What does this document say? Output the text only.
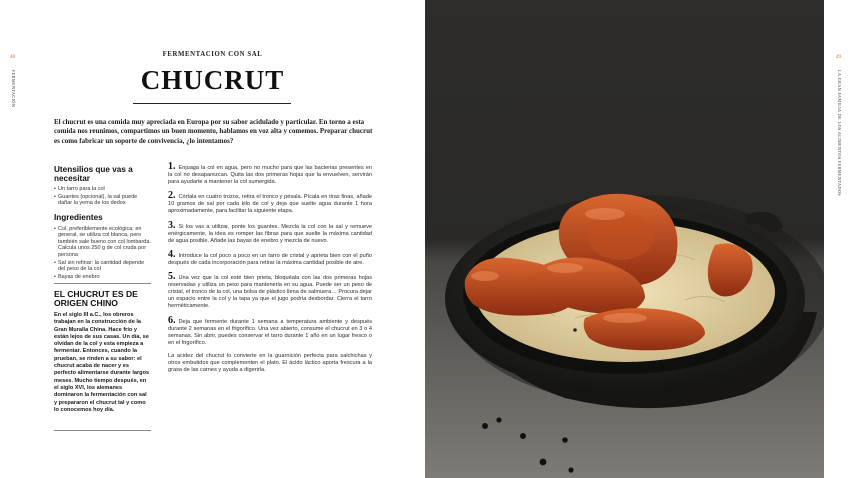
48
FERMENTACIÓN
FERMENTACION CON SAL
CHUCRUT
El chucrut es una comida muy apreciada en Europa por su sabor acidulado y particular. En torno a esta comida nos reunimos, compartimos un buen momento, hablamos en voz alta y comemos. Preparar chucrut es como fabricar un soporte de convivencia, ¿lo intentamos?
Utensilios que vas a necesitar
• Un tarro para la col
• Guantes (opcional), la sal puede dañar la yema de los dedos
Ingredientes
• Col, preferiblemente ecológica; en general, se utiliza col blanca, pero también sale bueno con col lombarda. Calcula unos 250 g de col cruda por persona
• Sal sin refinar: la cantidad depende del peso de la col
• Bayas de enebro
EL CHUCRUT ES DE ORIGEN CHINO
En el siglo III a.C., los obreros trabajan en la construcción de la Gran Muralla China. Hace frío y están lejos de sus casas. Un día, se olvidan de la col y esta empieza a fermentar. Entonces, cuando la prueban, se rinden a su sabor: el chucrut acaba de nacer y es perfecto alimentarse durante largos meses. Mucho tiempo después, en el siglo XVI, los alemanes dominaron la fermentación con sal y prepararon el chucrut tal y como lo conocemos hoy día.

1. Enjuaga la col en agua, pero no mucho para que las bacterias presentes en la col no desaparezcan. Quita las dos primeras hojas que la envuelven, servirán para ayudarte a mantener la col sumergida.

2. Córtala en cuatro trozos, retira el tronco y pésala. Pícala en tiras finas, añade 10 gramos de sal por cada kilo de col y deja que suelte agua durante 1 hora aproximadamente, para facilitar la siguiente etapa.

3. Si los vas a utilizar, ponte los guantes. Mezcla la col con la sal y remueve enérgicamente, la idea es romper las fibras para que suelte la máxima cantidad de agua posible. Añade las bayas de enebro y mezcla de nuevo.

4. Introduce la col poco a poco en un tarro de cristal y aprieta bien con el puño después de cada incorporación para retirar la máxima cantidad posible de aire.

5. Una vez que la col esté bien prieta, bloquéala con las dos primeras hojas reservadas y utiliza un peso para mantenerla en su agua. Puede ser un peso de cristal, el tronco de la col, una bolsa de plástico llena de salmuera… Procura dejar un espacio entre la col y la tapa ya que el jugo podría desbordar. Cierra el tarro herméticamente.

6. Deja que fermente durante 1 semana a temperatura ambiente y después durante 2 semanas en el frigorífico. Una vez abierto, consume el chucrut en 3 o 4 semanas. Sin abrir, puedes conservar el tarro durante 1 año en un lugar fresco o en el frigorífico.

La acidez del chucrut lo convierte en la guarnición perfecta para salchichas y otros embutidos que complementen el plato. El ácido láctico aporta frescura a la grasa de las carnes y ayuda a digerirla.

49
LA GRAN FAMILIA DE LOS ALIMENTOS FERMENTADOS
